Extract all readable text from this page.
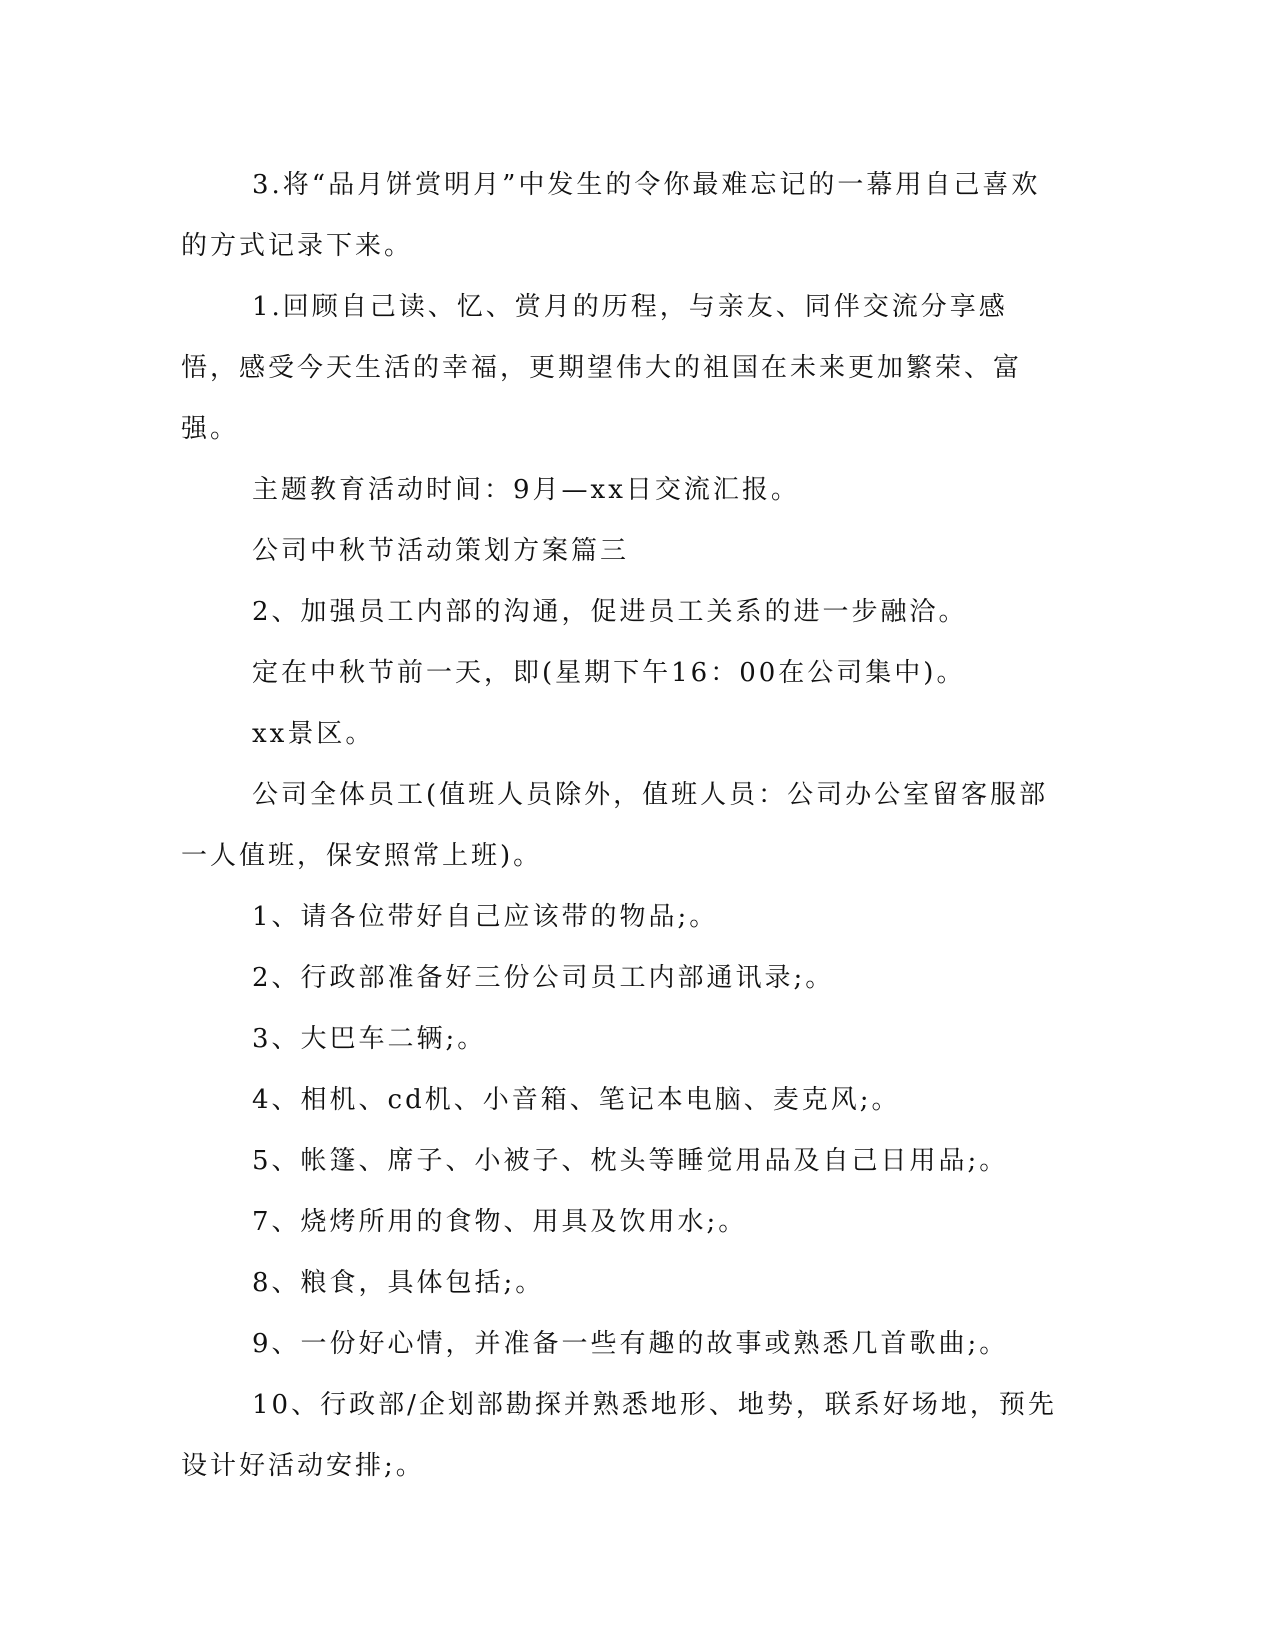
3.将“品月饼赏明月”中发生的令你最难忘记的一幕用自己喜欢的方式记录下来。

1.回顾自己读、忆、赏月的历程，与亲友、同伴交流分享感悟，感受今天生活的幸福，更期望伟大的祖国在未来更加繁荣、富强。

主题教育活动时间：9月—xx日交流汇报。

公司中秋节活动策划方案篇三

2、加强员工内部的沟通，促进员工关系的进一步融洽。

定在中秋节前一天，即(星期下午16：00在公司集中)。

xx景区。

公司全体员工(值班人员除外，值班人员：公司办公室留客服部一人值班，保安照常上班)。

1、请各位带好自己应该带的物品;。

2、行政部准备好三份公司员工内部通讯录;。

3、大巴车二辆;。

4、相机、cd机、小音箱、笔记本电脑、麦克风;。

5、帐篷、席子、小被子、枕头等睡觉用品及自己日用品;。

7、烧烤所用的食物、用具及饮用水;。

8、粮食，具体包括;。

9、一份好心情，并准备一些有趣的故事或熟悉几首歌曲;。

10、行政部/企划部勘探并熟悉地形、地势，联系好场地，预先设计好活动安排;。
